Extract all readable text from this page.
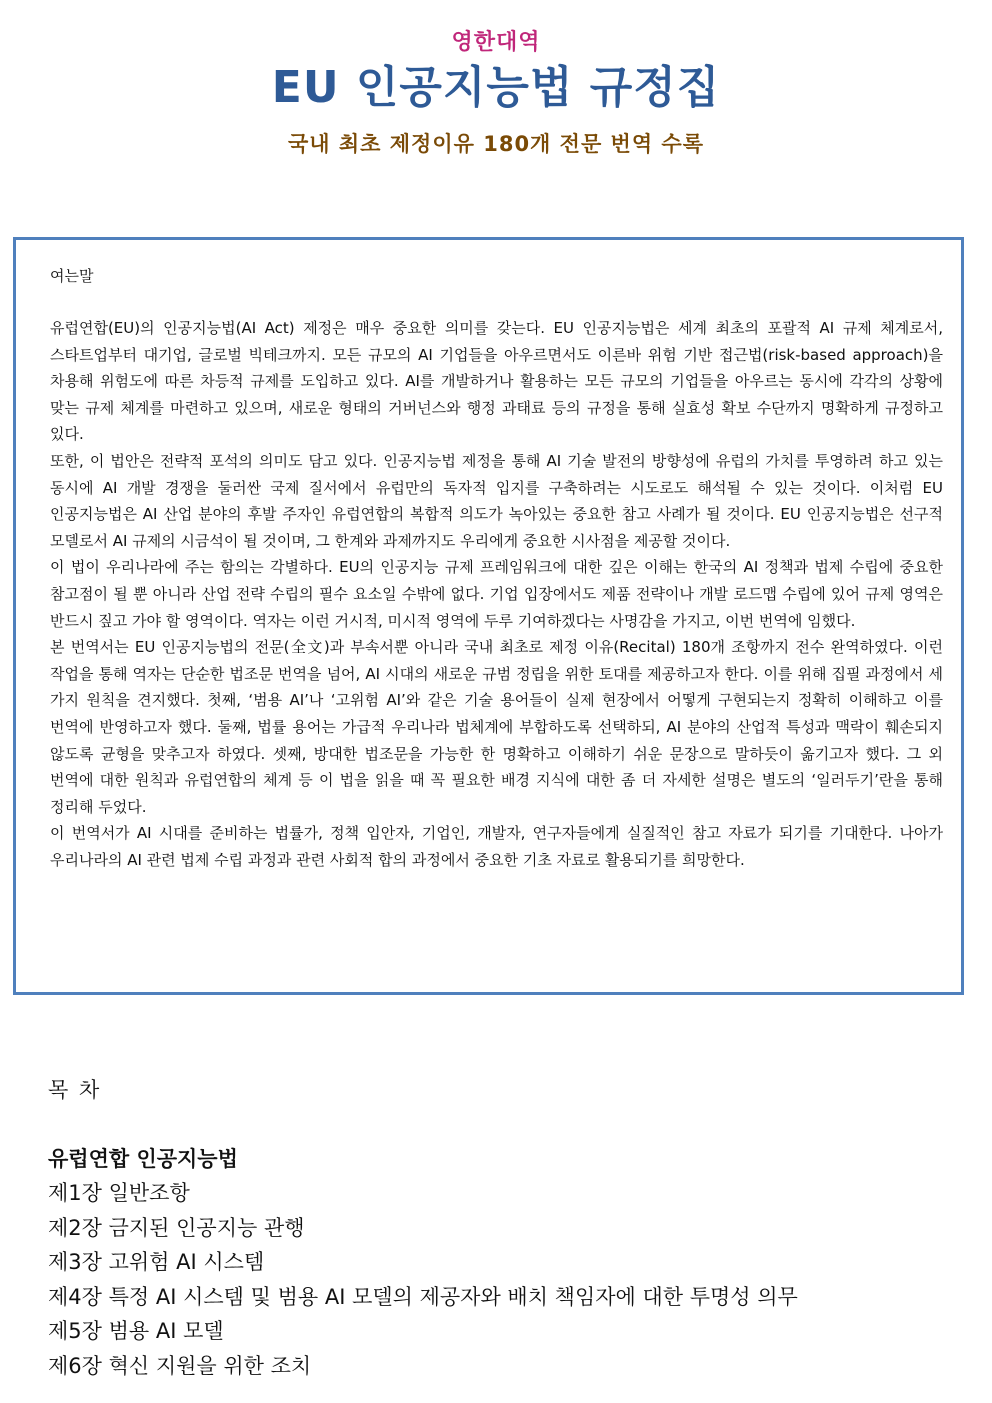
영한대역
EU 인공지능법 규정집
국내 최초 제정이유 180개 전문 번역 수록
여는말

유럽연합(EU)의 인공지능법(AI Act) 제정은 매우 중요한 의미를 갖는다. EU 인공지능법은 세계 최초의 포괄적 AI 규제 체계로서, 스타트업부터 대기업, 글로벌 빅테크까지. 모든 규모의 AI 기업들을 아우르면서도 이른바 위험 기반 접근법(risk-based approach)을 차용해 위험도에 따른 차등적 규제를 도입하고 있다. AI를 개발하거나 활용하는 모든 규모의 기업들을 아우르는 동시에 각각의 상황에 맞는 규제 체계를 마련하고 있으며, 새로운 형태의 거버넌스와 행정 과태료 등의 규정을 통해 실효성 확보 수단까지 명확하게 규정하고 있다.

또한, 이 법안은 전략적 포석의 의미도 담고 있다. 인공지능법 제정을 통해 AI 기술 발전의 방향성에 유럽의 가치를 투영하려 하고 있는 동시에 AI 개발 경쟁을 둘러싼 국제 질서에서 유럽만의 독자적 입지를 구축하려는 시도로도 해석될 수 있는 것이다. 이처럼 EU 인공지능법은 AI 산업 분야의 후발 주자인 유럽연합의 복합적 의도가 녹아있는 중요한 참고 사례가 될 것이다. EU 인공지능법은 선구적 모델로서 AI 규제의 시금석이 될 것이며, 그 한계와 과제까지도 우리에게 중요한 시사점을 제공할 것이다.

이 법이 우리나라에 주는 함의는 각별하다. EU의 인공지능 규제 프레임워크에 대한 깊은 이해는 한국의 AI 정책과 법제 수립에 중요한 참고점이 될 뿐 아니라 산업 전략 수립의 필수 요소일 수밖에 없다. 기업 입장에서도 제품 전략이나 개발 로드맵 수립에 있어 규제 영역은 반드시 짚고 가야 할 영역이다. 역자는 이런 거시적, 미시적 영역에 두루 기여하겠다는 사명감을 가지고, 이번 번역에 임했다.

본 번역서는 EU 인공지능법의 전문(全文)과 부속서뿐 아니라 국내 최초로 제정 이유(Recital) 180개 조항까지 전수 완역하였다. 이런 작업을 통해 역자는 단순한 법조문 번역을 넘어, AI 시대의 새로운 규범 정립을 위한 토대를 제공하고자 한다. 이를 위해 집필 과정에서 세 가지 원칙을 견지했다. 첫째, ‘범용 AI’나 ‘고위험 AI’와 같은 기술 용어들이 실제 현장에서 어떻게 구현되는지 정확히 이해하고 이를 번역에 반영하고자 했다. 둘째, 법률 용어는 가급적 우리나라 법체계에 부합하도록 선택하되, AI 분야의 산업적 특성과 맥락이 훼손되지 않도록 균형을 맞추고자 하였다. 셋째, 방대한 법조문을 가능한 한 명확하고 이해하기 쉬운 문장으로 말하듯이 옮기고자 했다. 그 외 번역에 대한 원칙과 유럽연합의 체계 등 이 법을 읽을 때 꼭 필요한 배경 지식에 대한 좀 더 자세한 설명은 별도의 ‘일러두기’란을 통해 정리해 두었다.

이 번역서가 AI 시대를 준비하는 법률가, 정책 입안자, 기업인, 개발자, 연구자들에게 실질적인 참고 자료가 되기를 기대한다. 나아가 우리나라의 AI 관련 법제 수립 과정과 관련 사회적 합의 과정에서 중요한 기초 자료로 활용되기를 희망한다.

목 차
유럽연합 인공지능법
제1장 일반조항
제2장 금지된 인공지능 관행
제3장 고위험 AI 시스템
제4장 특정 AI 시스템 및 범용 AI 모델의 제공자와 배치 책임자에 대한 투명성 의무
제5장 범용 AI 모델
제6장 혁신 지원을 위한 조치
